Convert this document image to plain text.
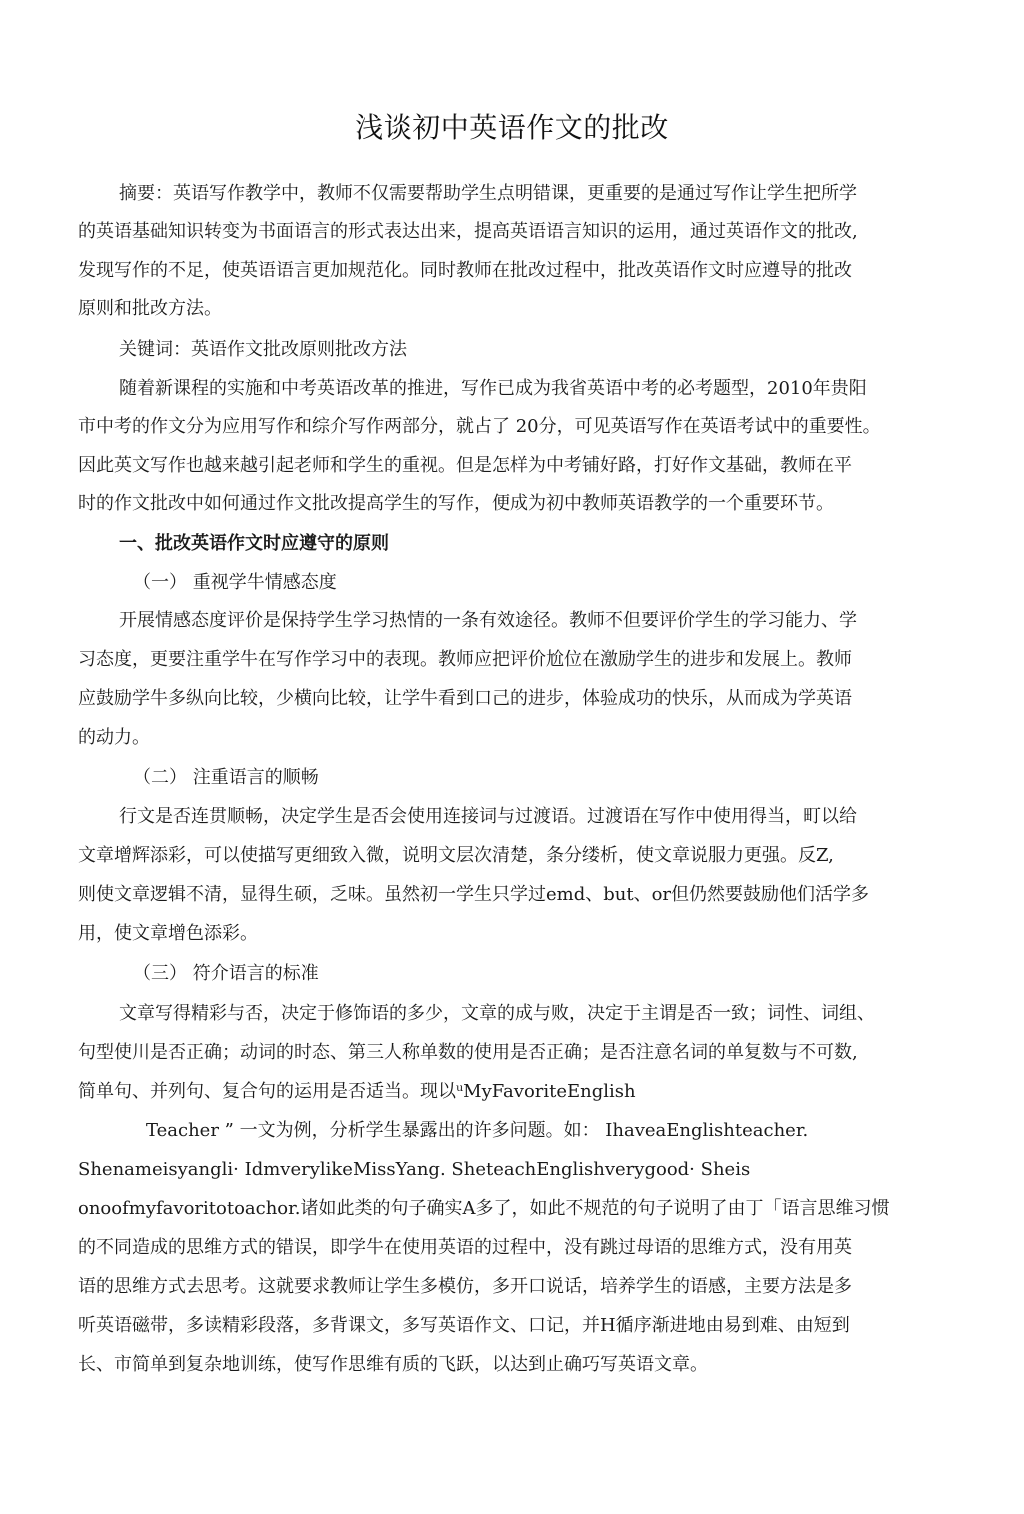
浅谈初中英语作文的批改
摘要：英语写作教学中，教师不仅需要帮助学生点明错课，更重要的是通过写作让学生把所学
的英语基础知识转变为书面语言的形式表达出来，提高英语语言知识的运用，通过英语作文的批改,
发现写作的不足，使英语语言更加规范化。同时教师在批改过程中，批改英语作文时应遵导的批改
原则和批改方法。
关键词：英语作文批改原则批改方法
随着新课程的实施和中考英语改革的推进，写作已成为我省英语中考的必考题型，2010年贵阳
市中考的作文分为应用写作和综介写作两部分，就占了 20分，可见英语写作在英语考试中的重要性。
因此英文写作也越来越引起老师和学生的重视。但是怎样为中考铺好路，打好作文基础，教师在平
时的作文批改中如何通过作文批改提高学生的写作，便成为初中教师英语教学的一个重要环节。
一、批改英语作文时应遵守的原则
（一） 重视学牛情感态度
开展情感态度评价是保持学生学习热情的一条有效途径。教师不但要评价学生的学习能力、学
习态度，更要注重学牛在写作学习中的表现。教师应把评价尬位在激励学生的进步和发展上。教师
应鼓励学牛多纵向比较，少横向比较，让学牛看到口己的进步，体验成功的快乐，从而成为学英语
的动力。
（二） 注重语言的顺畅
行文是否连贯顺畅，决定学生是否会使用连接词与过渡语。过渡语在写作中使用得当，町以给
文章增辉添彩，可以使描写更细致入微，说明文层次清楚，条分缕析，使文章说服力更强。反Z,
则使文章逻辑不清，显得生硕，乏味。虽然初一学生只学过emd、but、or但仍然要鼓励他们活学多
用，使文章增色添彩。
（三） 符介语言的标准
文章写得精彩与否，决定于修饰语的多少，文章的成与败，决定于主谓是否一致；词性、词组、
句型使川是否正确；动词的时态、第三人称单数的使用是否正确；是否注意名词的单复数与不可数,
简单句、并列句、复合句的运用是否适当。现以ᵘMyFavoriteEnglish
Teacher ” 一文为例，分析学生暴露出的许多问题。如： IhaveaEnglishteacher.
Shenameisyangli· IdmverylikeMissYang. SheteachEnglishverygood· Sheis
onoofmyfavoritotoachor.诸如此类的句子确实A多了，如此不规范的句子说明了由丁「语言思维习惯
的不同造成的思维方式的错误，即学牛在使用英语的过程中，没有跳过母语的思维方式，没有用英
语的思维方式去思考。这就要求教师让学生多模仿，多开口说话，培养学生的语感，主要方法是多
听英语磁带，多读精彩段落，多背课文，多写英语作文、口记，并H循序渐进地由易到难、由短到
长、市简单到复杂地训练，使写作思维有质的飞跃，以达到止确巧写英语文章。
